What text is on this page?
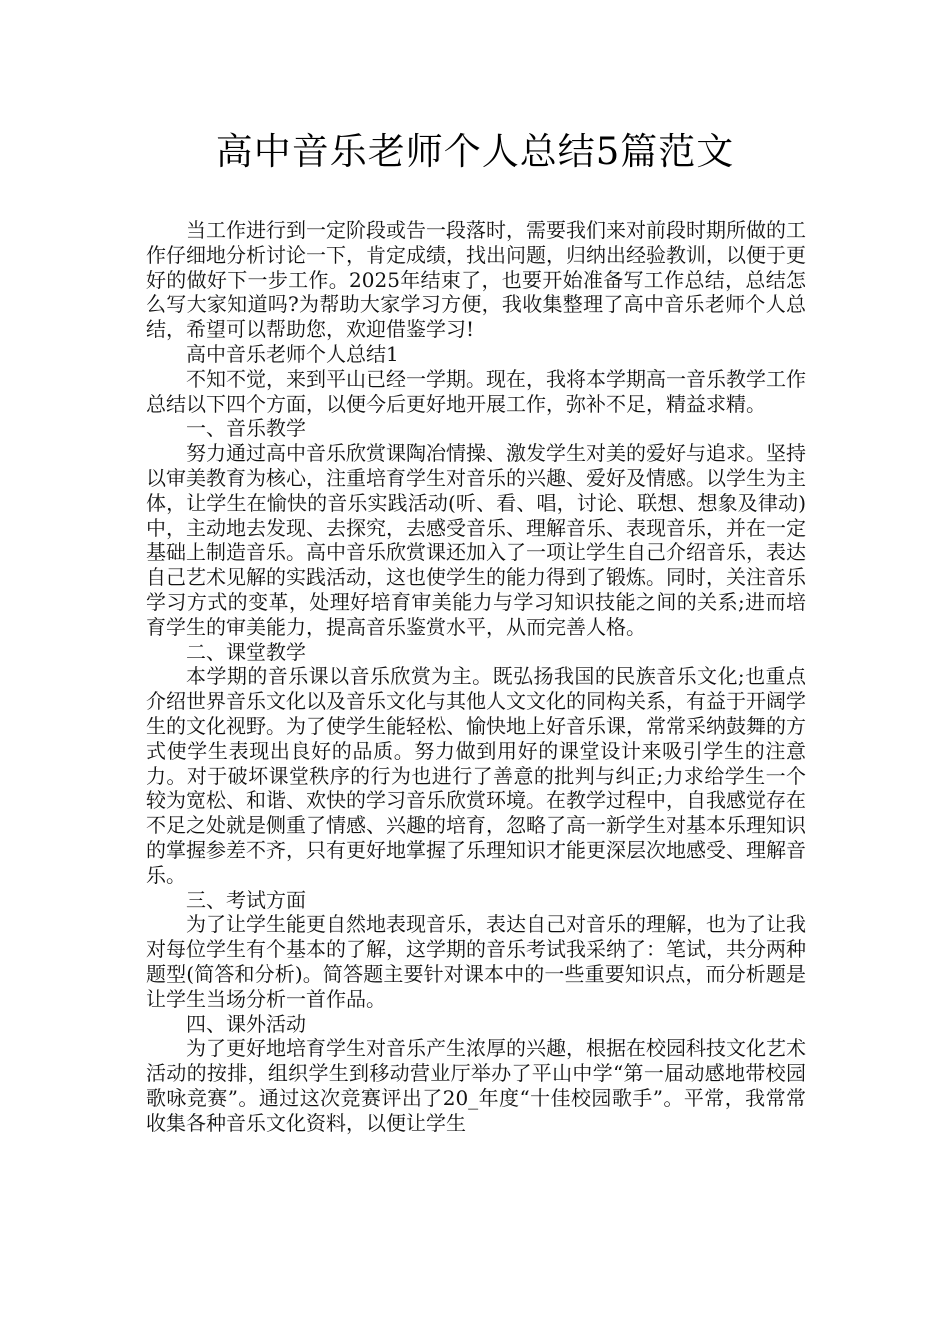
高中音乐老师个人总结5篇范文

当工作进行到一定阶段或告一段落时，需要我们来对前段时期所做的工作仔细地分析讨论一下，肯定成绩，找出问题，归纳出经验教训，以便于更好的做好下一步工作。2025年结束了，也要开始准备写工作总结，总结怎么写大家知道吗?为帮助大家学习方便，我收集整理了高中音乐老师个人总结，希望可以帮助您，欢迎借鉴学习!

高中音乐老师个人总结1

不知不觉，来到平山已经一学期。现在，我将本学期高一音乐教学工作总结以下四个方面，以便今后更好地开展工作，弥补不足，精益求精。

一、音乐教学

努力通过高中音乐欣赏课陶冶情操、激发学生对美的爱好与追求。坚持以审美教育为核心，注重培育学生对音乐的兴趣、爱好及情感。以学生为主体，让学生在愉快的音乐实践活动(听、看、唱，讨论、联想、想象及律动)中，主动地去发现、去探究，去感受音乐、理解音乐、表现音乐，并在一定基础上制造音乐。高中音乐欣赏课还加入了一项让学生自己介绍音乐，表达自己艺术见解的实践活动，这也使学生的能力得到了锻炼。同时，关注音乐学习方式的变革，处理好培育审美能力与学习知识技能之间的关系;进而培育学生的审美能力，提高音乐鉴赏水平，从而完善人格。

二、课堂教学

本学期的音乐课以音乐欣赏为主。既弘扬我国的民族音乐文化;也重点介绍世界音乐文化以及音乐文化与其他人文文化的同构关系，有益于开阔学生的文化视野。为了使学生能轻松、愉快地上好音乐课，常常采纳鼓舞的方式使学生表现出良好的品质。努力做到用好的课堂设计来吸引学生的注意力。对于破坏课堂秩序的行为也进行了善意的批判与纠正;力求给学生一个较为宽松、和谐、欢快的学习音乐欣赏环境。在教学过程中，自我感觉存在不足之处就是侧重了情感、兴趣的培育，忽略了高一新学生对基本乐理知识的掌握参差不齐，只有更好地掌握了乐理知识才能更深层次地感受、理解音乐。

三、考试方面

为了让学生能更自然地表现音乐，表达自己对音乐的理解，也为了让我对每位学生有个基本的了解，这学期的音乐考试我采纳了：笔试，共分两种题型(简答和分析)。简答题主要针对课本中的一些重要知识点，而分析题是让学生当场分析一首作品。

四、课外活动

为了更好地培育学生对音乐产生浓厚的兴趣，根据在校园科技文化艺术活动的按排，组织学生到移动营业厅举办了平山中学“第一届动感地带校园歌咏竞赛”。通过这次竞赛评出了20_年度“十佳校园歌手”。平常，我常常收集各种音乐文化资料，以便让学生
